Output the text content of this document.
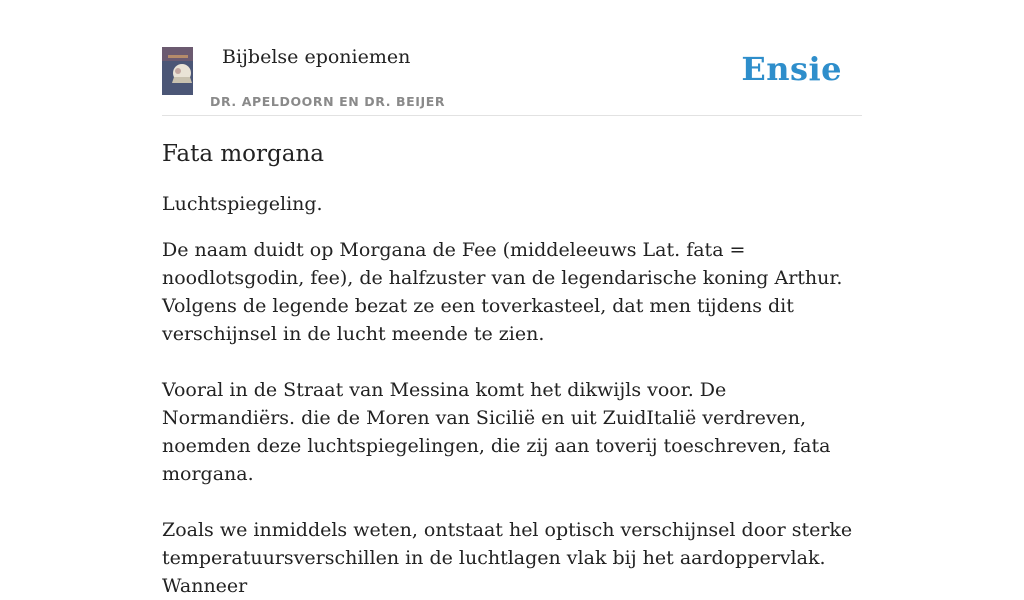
Bijbelse eponiemen
DR. APELDOORN EN DR. BEIJER
Ensie
Fata morgana

Luchtspiegeling.

De naam duidt op Morgana de Fee (middeleeuws Lat. fata = noodlotsgodin, fee), de halfzuster van de legendarische koning Arthur. Volgens de legende bezat ze een toverkasteel, dat men tijdens dit verschijnsel in de lucht meende te zien.

Vooral in de Straat van Messina komt het dikwijls voor. De Normandiërs. die de Moren van Sicilië en uit ZuidItalië verdreven, noemden deze luchtspiegelingen, die zij aan toverij toeschreven, fata morgana.

Zoals we inmiddels weten, ontstaat hel optisch verschijnsel door sterke temperatuursverschillen in de luchtlagen vlak bij het aardoppervlak. Wanneer
